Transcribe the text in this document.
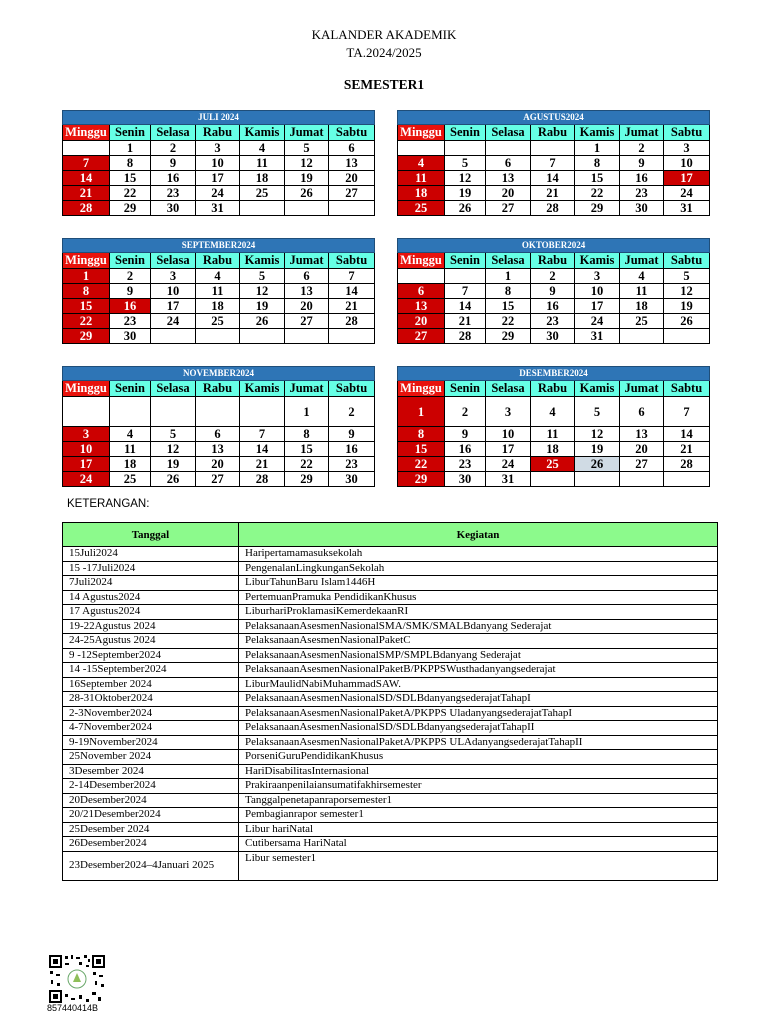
KALANDER AKADEMIK
TA.2024/2025
SEMESTER1
JULI 2024						
Minggu	Senin	Selasa	Rabu	Kamis	Jumat	Sabtu
	1	2	3	4	5	6
7	8	9	10	11	12	13
14	15	16	17	18	19	20
21	22	23	24	25	26	27
28	29	30	31			
AGUSTUS2024						
Minggu	Senin	Selasa	Rabu	Kamis	Jumat	Sabtu
				1	2	3
4	5	6	7	8	9	10
11	12	13	14	15	16	17
18	19	20	21	22	23	24
25	26	27	28	29	30	31
SEPTEMBER2024						
Minggu	Senin	Selasa	Rabu	Kamis	Jumat	Sabtu
1	2	3	4	5	6	7
8	9	10	11	12	13	14
15	16	17	18	19	20	21
22	23	24	25	26	27	28
29	30					
OKTOBER2024						
Minggu	Senin	Selasa	Rabu	Kamis	Jumat	Sabtu
		1	2	3	4	5
6	7	8	9	10	11	12
13	14	15	16	17	18	19
20	21	22	23	24	25	26
27	28	29	30	31		
NOVEMBER2024						
Minggu	Senin	Selasa	Rabu	Kamis	Jumat	Sabtu
					1	2
3	4	5	6	7	8	9
10	11	12	13	14	15	16
17	18	19	20	21	22	23
24	25	26	27	28	29	30
DESEMBER2024						
Minggu	Senin	Selasa	Rabu	Kamis	Jumat	Sabtu
1	2	3	4	5	6	7
8	9	10	11	12	13	14
15	16	17	18	19	20	21
22	23	24	25	26	27	28
29	30	31				
KETERANGAN:
Tanggal	Kegiatan
15Juli2024	Haripertamamasuksekolah
15 -17Juli2024	PengenalanLingkunganSekolah
7Juli2024	LiburTahunBaru Islam1446H
14 Agustus2024	PertemuanPramuka PendidikanKhusus
17 Agustus2024	LiburhariProklamasiKemerdekaanRI
19-22Agustus 2024	PelaksanaanAsesmenNasionalSMA/SMK/SMALBdanyang Sederajat
24-25Agustus 2024	PelaksanaanAsesmenNasionalPaketC
9 -12September2024	PelaksanaanAsesmenNasionalSMP/SMPLBdanyang Sederajat
14 -15September2024	PelaksanaanAsesmenNasionalPaketB/PKPPSWusthadanyangsederajat
16September 2024	LiburMaulidNabiMuhammadSAW.
28-31Oktober2024	PelaksanaanAsesmenNasionalSD/SDLBdanyangsederajatTahapI
2-3November2024	PelaksanaanAsesmenNasionalPaketA/PKPPS UladanyangsederajatTahapI
4-7November2024	PelaksanaanAsesmenNasionalSD/SDLBdanyangsederajatTahapII
9-19November2024	PelaksanaanAsesmenNasionalPaketA/PKPPS ULAdanyangsederajatTahapII
25November 2024	PorseniGuruPendidikanKhusus
3Desember 2024	HariDisabilitasInternasional
2-14Desember2024	Prakiraanpenilaiansumatifakhirsemester
20Desember2024	Tanggalpenetapanraporsemester1
20/21Desember2024	Pembagianrapor semester1
25Desember 2024	Libur hariNatal
26Desember2024	Cutibersama HariNatal
23Desember2024–4Januari 2025	Libur semester1
857440414B
